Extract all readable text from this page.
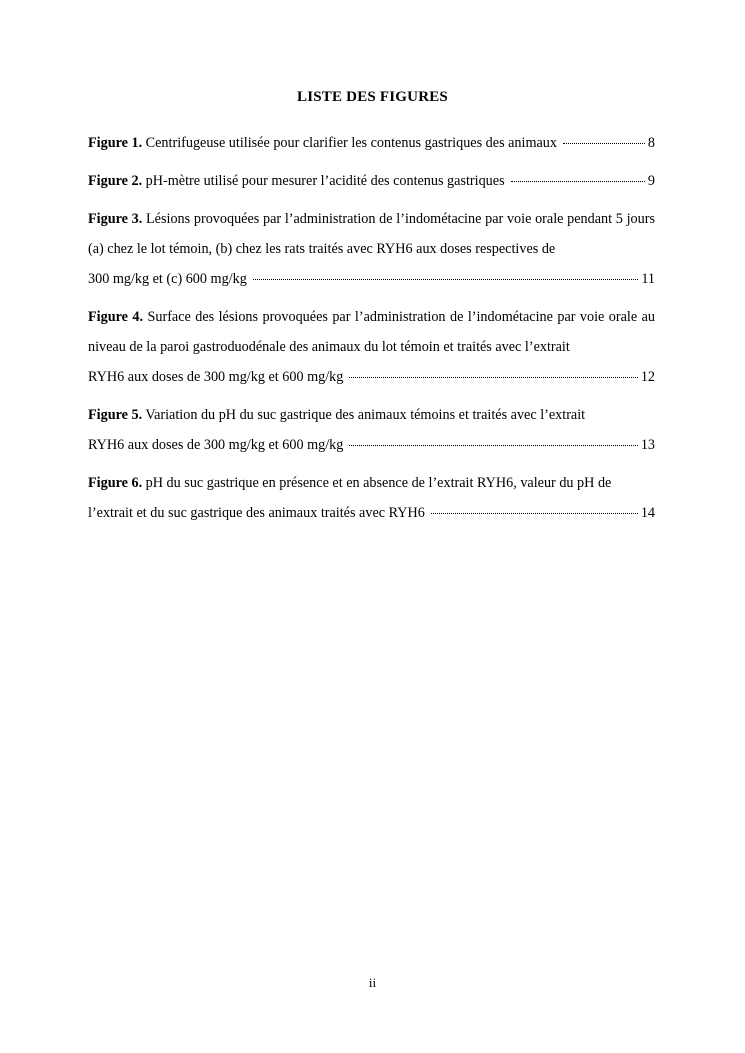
LISTE DES FIGURES
Figure 1. Centrifugeuse utilisée pour clarifier les contenus gastriques des animaux	8
Figure 2. pH-mètre utilisé pour mesurer l’acidité des contenus gastriques	9
Figure 3. Lésions provoquées par l’administration de l’indométacine par voie orale pendant 5 jours (a) chez le lot témoin, (b) chez les rats traités avec RYH6 aux doses respectives de
300 mg/kg et (c) 600 mg/kg	11
Figure 4. Surface des lésions provoquées par l’administration de l’indométacine par voie orale au niveau de la paroi gastroduodénale des animaux du lot témoin et traités avec l’extrait
RYH6 aux doses de 300 mg/kg et 600 mg/kg	12
Figure 5. Variation du pH du suc gastrique des animaux témoins et traités avec l’extrait
RYH6 aux doses de 300 mg/kg et 600 mg/kg	13
Figure 6. pH du suc gastrique en présence et en absence de l’extrait RYH6, valeur du pH de
l’extrait et du suc gastrique des animaux traités avec RYH6	14
ii
